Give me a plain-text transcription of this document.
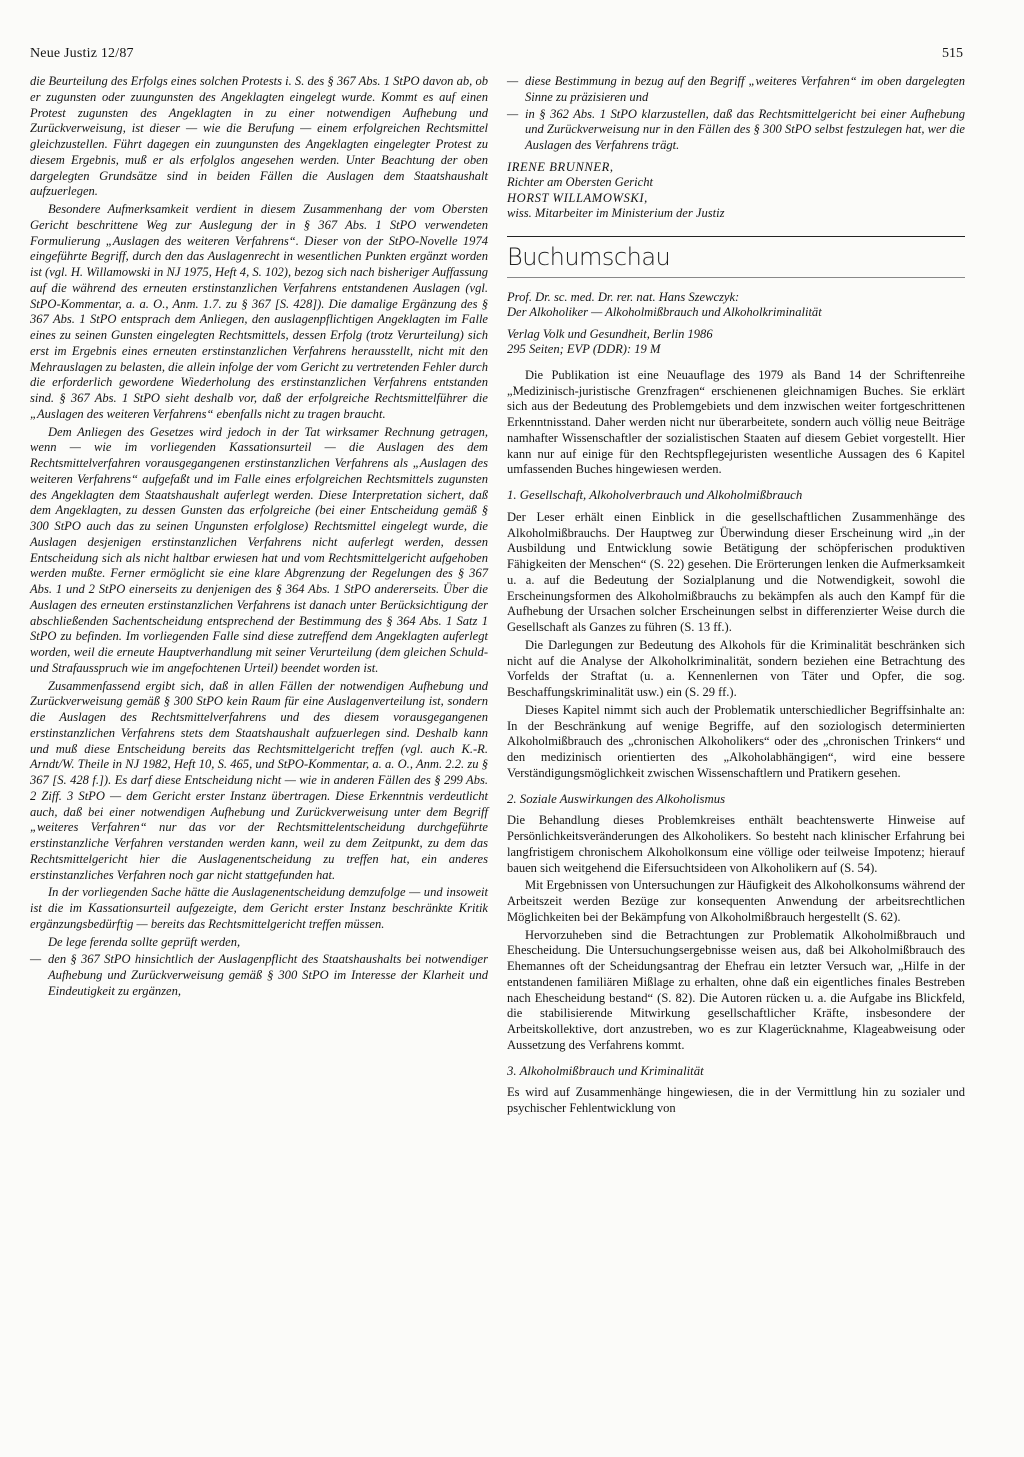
Neue Justiz 12/87	515

die Beurteilung des Erfolgs eines solchen Protests i. S. des § 367 Abs. 1 StPO davon ab, ob er zugunsten oder zuungunsten des Angeklagten eingelegt wurde. Kommt es auf einen Protest zugunsten des Angeklagten in zu einer notwendigen Aufhebung und Zurückverweisung, ist dieser — wie die Berufung — einem erfolgreichen Rechtsmittel gleichzustellen. Führt dagegen ein zuungunsten des Angeklagten eingelegter Protest zu diesem Ergebnis, muß er als erfolglos angesehen werden. Unter Beachtung der oben dargelegten Grundsätze sind in beiden Fällen die Auslagen dem Staatshaushalt aufzuerlegen.

Besondere Aufmerksamkeit verdient in diesem Zusammenhang der vom Obersten Gericht beschrittene Weg zur Auslegung der in § 367 Abs. 1 StPO verwendeten Formulierung „Auslagen des weiteren Verfahrens“. Dieser von der StPO-Novelle 1974 eingeführte Begriff, durch den das Auslagenrecht in wesentlichen Punkten ergänzt worden ist (vgl. H. Willamowski in NJ 1975, Heft 4, S. 102), bezog sich nach bisheriger Auffassung auf die während des erneuten erstinstanzlichen Verfahrens entstandenen Auslagen (vgl. StPO-Kommentar, a. a. O., Anm. 1.7. zu § 367 [S. 428]). Die damalige Ergänzung des § 367 Abs. 1 StPO entsprach dem Anliegen, den auslagenpflichtigen Angeklagten im Falle eines zu seinen Gunsten eingelegten Rechtsmittels, dessen Erfolg (trotz Verurteilung) sich erst im Ergebnis eines erneuten erstinstanzlichen Verfahrens herausstellt, nicht mit den Mehrauslagen zu belasten, die allein infolge der vom Gericht zu vertretenden Fehler durch die erforderlich gewordene Wiederholung des erstinstanzlichen Verfahrens entstanden sind. § 367 Abs. 1 StPO sieht deshalb vor, daß der erfolgreiche Rechtsmittelführer die „Auslagen des weiteren Verfahrens“ ebenfalls nicht zu tragen braucht.

Dem Anliegen des Gesetzes wird jedoch in der Tat wirksamer Rechnung getragen, wenn — wie im vorliegenden Kassationsurteil — die Auslagen des dem Rechtsmittelverfahren vorausgegangenen erstinstanzlichen Verfahrens als „Auslagen des weiteren Verfahrens“ aufgefaßt und im Falle eines erfolgreichen Rechtsmittels zugunsten des Angeklagten dem Staatshaushalt auferlegt werden. Diese Interpretation sichert, daß dem Angeklagten, zu dessen Gunsten das erfolgreiche (bei einer Entscheidung gemäß § 300 StPO auch das zu seinen Ungunsten erfolglose) Rechtsmittel eingelegt wurde, die Auslagen desjenigen erstinstanzlichen Verfahrens nicht auferlegt werden, dessen Entscheidung sich als nicht haltbar erwiesen hat und vom Rechtsmittelgericht aufgehoben werden mußte. Ferner ermöglicht sie eine klare Abgrenzung der Regelungen des § 367 Abs. 1 und 2 StPO einerseits zu denjenigen des § 364 Abs. 1 StPO andererseits. Über die Auslagen des erneuten erstinstanzlichen Verfahrens ist danach unter Berücksichtigung der abschließenden Sachentscheidung entsprechend der Bestimmung des § 364 Abs. 1 Satz 1 StPO zu befinden. Im vorliegenden Falle sind diese zutreffend dem Angeklagten auferlegt worden, weil die erneute Hauptverhandlung mit seiner Verurteilung (dem gleichen Schuld- und Strafausspruch wie im angefochtenen Urteil) beendet worden ist.

Zusammenfassend ergibt sich, daß in allen Fällen der notwendigen Aufhebung und Zurückverweisung gemäß § 300 StPO kein Raum für eine Auslagenverteilung ist, sondern die Auslagen des Rechtsmittelverfahrens und des diesem vorausgegangenen erstinstanzlichen Verfahrens stets dem Staatshaushalt aufzuerlegen sind. Deshalb kann und muß diese Entscheidung bereits das Rechtsmittelgericht treffen (vgl. auch K.-R. Arndt/W. Theile in NJ 1982, Heft 10, S. 465, und StPO-Kommentar, a. a. O., Anm. 2.2. zu § 367 [S. 428 f.]). Es darf diese Entscheidung nicht — wie in anderen Fällen des § 299 Abs. 2 Ziff. 3 StPO — dem Gericht erster Instanz übertragen. Diese Erkenntnis verdeutlicht auch, daß bei einer notwendigen Aufhebung und Zurückverweisung unter dem Begriff „weiteres Verfahren“ nur das vor der Rechtsmittelentscheidung durchgeführte erstinstanzliche Verfahren verstanden werden kann, weil zu dem Zeitpunkt, zu dem das Rechtsmittelgericht hier die Auslagenentscheidung zu treffen hat, ein anderes erstinstanzliches Verfahren noch gar nicht stattgefunden hat.

In der vorliegenden Sache hätte die Auslagenentscheidung demzufolge — und insoweit ist die im Kassationsurteil aufgezeigte, dem Gericht erster Instanz beschränkte Kritik ergänzungsbedürftig — bereits das Rechtsmittelgericht treffen müssen.

De lege ferenda sollte geprüft werden,

— den § 367 StPO hinsichtlich der Auslagenpflicht des Staatshaushalts bei notwendiger Aufhebung und Zurückverweisung gemäß § 300 StPO im Interesse der Klarheit und Eindeutigkeit zu ergänzen,
— diese Bestimmung in bezug auf den Begriff „weiteres Verfahren“ im oben dargelegten Sinne zu präzisieren und
— in § 362 Abs. 1 StPO klarzustellen, daß das Rechtsmittelgericht bei einer Aufhebung und Zurückverweisung nur in den Fällen des § 300 StPO selbst festzulegen hat, wer die Auslagen des Verfahrens trägt.
IRENE BRUNNER,
Richter am Obersten Gericht
HORST WILLAMOWSKI,
wiss. Mitarbeiter im Ministerium der Justiz
Buchumschau
Prof. Dr. sc. med. Dr. rer. nat. Hans Szewczyk:
Der Alkoholiker — Alkoholmißbrauch und Alkoholkriminalität
Verlag Volk und Gesundheit, Berlin 1986
295 Seiten; EVP (DDR): 19 M

Die Publikation ist eine Neuauflage des 1979 als Band 14 der Schriftenreihe „Medizinisch-juristische Grenzfragen“ erschienenen gleichnamigen Buches. Sie erklärt sich aus der Bedeutung des Problemgebiets und dem inzwischen weiter fortgeschrittenen Erkenntnisstand. Daher werden nicht nur überarbeitete, sondern auch völlig neue Beiträge namhafter Wissenschaftler der sozialistischen Staaten auf diesem Gebiet vorgestellt. Hier kann nur auf einige für den Rechtspflegejuristen wesentliche Aussagen des 6 Kapitel umfassenden Buches hingewiesen werden.

1. Gesellschaft, Alkoholverbrauch und Alkoholmißbrauch

Der Leser erhält einen Einblick in die gesellschaftlichen Zusammenhänge des Alkoholmißbrauchs. Der Hauptweg zur Überwindung dieser Erscheinung wird „in der Ausbildung und Entwicklung sowie Betätigung der schöpferischen produktiven Fähigkeiten der Menschen“ (S. 22) gesehen. Die Erörterungen lenken die Aufmerksamkeit u. a. auf die Bedeutung der Sozialplanung und die Notwendigkeit, sowohl die Erscheinungsformen des Alkoholmißbrauchs zu bekämpfen als auch den Kampf für die Aufhebung der Ursachen solcher Erscheinungen selbst in differenzierter Weise durch die Gesellschaft als Ganzes zu führen (S. 13 ff.).

Die Darlegungen zur Bedeutung des Alkohols für die Kriminalität beschränken sich nicht auf die Analyse der Alkoholkriminalität, sondern beziehen eine Betrachtung des Vorfelds der Straftat (u. a. Kennenlernen von Täter und Opfer, die sog. Beschaffungskriminalität usw.) ein (S. 29 ff.).

Dieses Kapitel nimmt sich auch der Problematik unterschiedlicher Begriffsinhalte an: In der Beschränkung auf wenige Begriffe, auf den soziologisch determinierten Alkoholmißbrauch des „chronischen Alkoholikers“ oder des „chronischen Trinkers“ und den medizinisch orientierten des „Alkoholabhängigen“, wird eine bessere Verständigungsmöglichkeit zwischen Wissenschaftlern und Pratikern gesehen.

2. Soziale Auswirkungen des Alkoholismus

Die Behandlung dieses Problemkreises enthält beachtenswerte Hinweise auf Persönlichkeitsveränderungen des Alkoholikers. So besteht nach klinischer Erfahrung bei langfristigem chronischem Alkoholkonsum eine völlige oder teilweise Impotenz; hierauf bauen sich weitgehend die Eifersuchtsideen von Alkoholikern auf (S. 54).

Mit Ergebnissen von Untersuchungen zur Häufigkeit des Alkoholkonsums während der Arbeitszeit werden Bezüge zur konsequenten Anwendung der arbeitsrechtlichen Möglichkeiten bei der Bekämpfung von Alkoholmißbrauch hergestellt (S. 62).

Hervorzuheben sind die Betrachtungen zur Problematik Alkoholmißbrauch und Ehescheidung. Die Untersuchungsergebnisse weisen aus, daß bei Alkoholmißbrauch des Ehemannes oft der Scheidungsantrag der Ehefrau ein letzter Versuch war, „Hilfe in der entstandenen familiären Mißlage zu erhalten, ohne daß ein eigentliches finales Bestreben nach Ehescheidung bestand“ (S. 82). Die Autoren rücken u. a. die Aufgabe ins Blickfeld, die stabilisierende Mitwirkung gesellschaftlicher Kräfte, insbesondere der Arbeitskollektive, dort anzustreben, wo es zur Klagerücknahme, Klageabweisung oder Aussetzung des Verfahrens kommt.

3. Alkoholmißbrauch und Kriminalität

Es wird auf Zusammenhänge hingewiesen, die in der Vermittlung hin zu sozialer und psychischer Fehlentwicklung von
